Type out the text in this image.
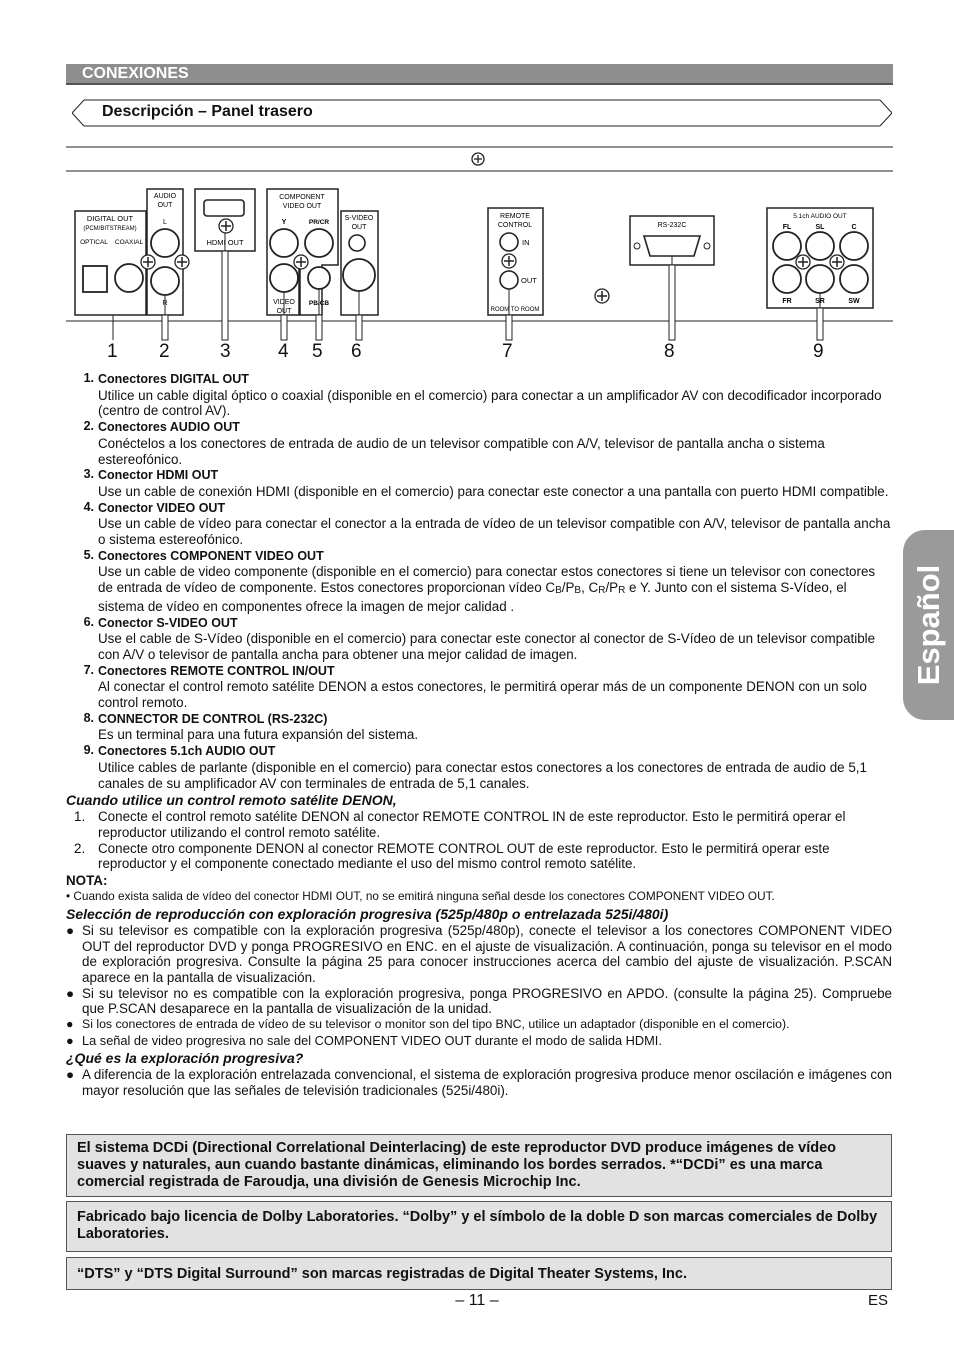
CONEXIONES
Descripción – Panel trasero
DIGITAL OUT
(PCM/BITSTREAM)
OPTICAL COAXIAL
AUDIO
OUT
L
R
HDMI OUT
COMPONENT
VIDEO OUT
Y	PR/CR
VIDEO
OUT
PB/CB
S-VIDEO
OUT
REMOTE
CONTROL
IN
OUT
ROOM TO ROOM
RS-232C
5.1ch AUDIO OUT
FL	SL	C
FR	SR	SW
1 2	3 4 5 6	7	8	9
1. Conectores DIGITAL OUT
Utilice un cable digital óptico o coaxial (disponible en el comercio) para conectar a un amplificador AV con decodificador incorporado (centro de control AV).
2. Conectores AUDIO OUT
Conéctelos a los conectores de entrada de audio de un televisor compatible con A/V, televisor de pantalla ancha o sistema estereofónico.
3. Conector HDMI OUT
Use un cable de conexión HDMI (disponible en el comercio) para conectar este conector a una pantalla con puerto HDMI compatible.
4. Conector VIDEO OUT
Use un cable de vídeo para conectar el conector a la entrada de vídeo de un televisor compatible con A/V, televisor de pantalla ancha o sistema estereofónico.
5. Conectores COMPONENT VIDEO OUT
Use un cable de video componente (disponible en el comercio) para conectar estos conectores si tiene un televisor con conectores de entrada de vídeo de componente. Estos conectores proporcionan vídeo CB/PB, CR/PR e Y. Junto con el sistema S-Vídeo, el sistema de vídeo en componentes ofrece la imagen de mejor calidad .
6. Conector S-VIDEO OUT
Use el cable de S-Vídeo (disponible en el comercio) para conectar este conector al conector de S-Vídeo de un televisor compatible con A/V o televisor de pantalla ancha para obtener una mejor calidad de imagen.
7. Conectores REMOTE CONTROL IN/OUT
Al conectar el control remoto satélite DENON a estos conectores, le permitirá operar más de un componente DENON con un solo control remoto.
8. CONNECTOR DE CONTROL (RS-232C)
Es un terminal para una futura expansión del sistema.
9. Conectores 5.1ch AUDIO OUT
Utilice cables de parlante (disponible en el comercio) para conectar estos conectores a los conectores de entrada de audio de 5,1 canales de su amplificador AV con terminales de entrada de 5,1 canales.
Cuando utilice un control remoto satélite DENON,
1. Conecte el control remoto satélite DENON al conector REMOTE CONTROL IN de este reproductor. Esto le permitirá operar el reproductor utilizando el control remoto satélite.
2. Conecte otro componente DENON al conector REMOTE CONTROL OUT de este reproductor. Esto le permitirá operar este reproductor y el componente conectado mediante el uso del mismo control remoto satélite.
NOTA:
• Cuando exista salida de vídeo del conector HDMI OUT, no se emitirá ninguna señal desde los conectores COMPONENT VIDEO OUT.
Selección de reproducción con exploración progresiva (525p/480p o entrelazada 525i/480i)
● Si su televisor es compatible con la exploración progresiva (525p/480p), conecte el televisor a los conectores COMPONENT VIDEO OUT del reproductor DVD y ponga PROGRESIVO en ENC. en el ajuste de visualización. A continuación, ponga su televisor en el modo de exploración progresiva. Consulte la página 25 para conocer instrucciones acerca del cambio del ajuste de visualización. P.SCAN aparece en la pantalla de visualización.
● Si su televisor no es compatible con la exploración progresiva, ponga PROGRESIVO en APDO. (consulte la página 25). Compruebe que P.SCAN desaparece en la pantalla de visualización de la unidad.
● Si los conectores de entrada de vídeo de su televisor o monitor son del tipo BNC, utilice un adaptador (disponible en el comercio).
● La señal de video progresiva no sale del COMPONENT VIDEO OUT durante el modo de salida HDMI.
¿Qué es la exploración progresiva?
● A diferencia de la exploración entrelazada convencional, el sistema de exploración progresiva produce menor oscilación e imágenes con mayor resolución que las señales de televisión tradicionales (525i/480i).
El sistema DCDi (Directional Correlational Deinterlacing) de este reproductor DVD produce imágenes de vídeo suaves y naturales, aun cuando bastante dinámicas, eliminando los bordes serrados. *“DCDi” es una marca comercial registrada de Faroudja, una división de Genesis Microchip Inc.
Fabricado bajo licencia de Dolby Laboratories. “Dolby” y el símbolo de la doble D son marcas comerciales de Dolby Laboratories.
“DTS” y “DTS Digital Surround” son marcas registradas de Digital Theater Systems, Inc.
Español
– 11 –	ES
